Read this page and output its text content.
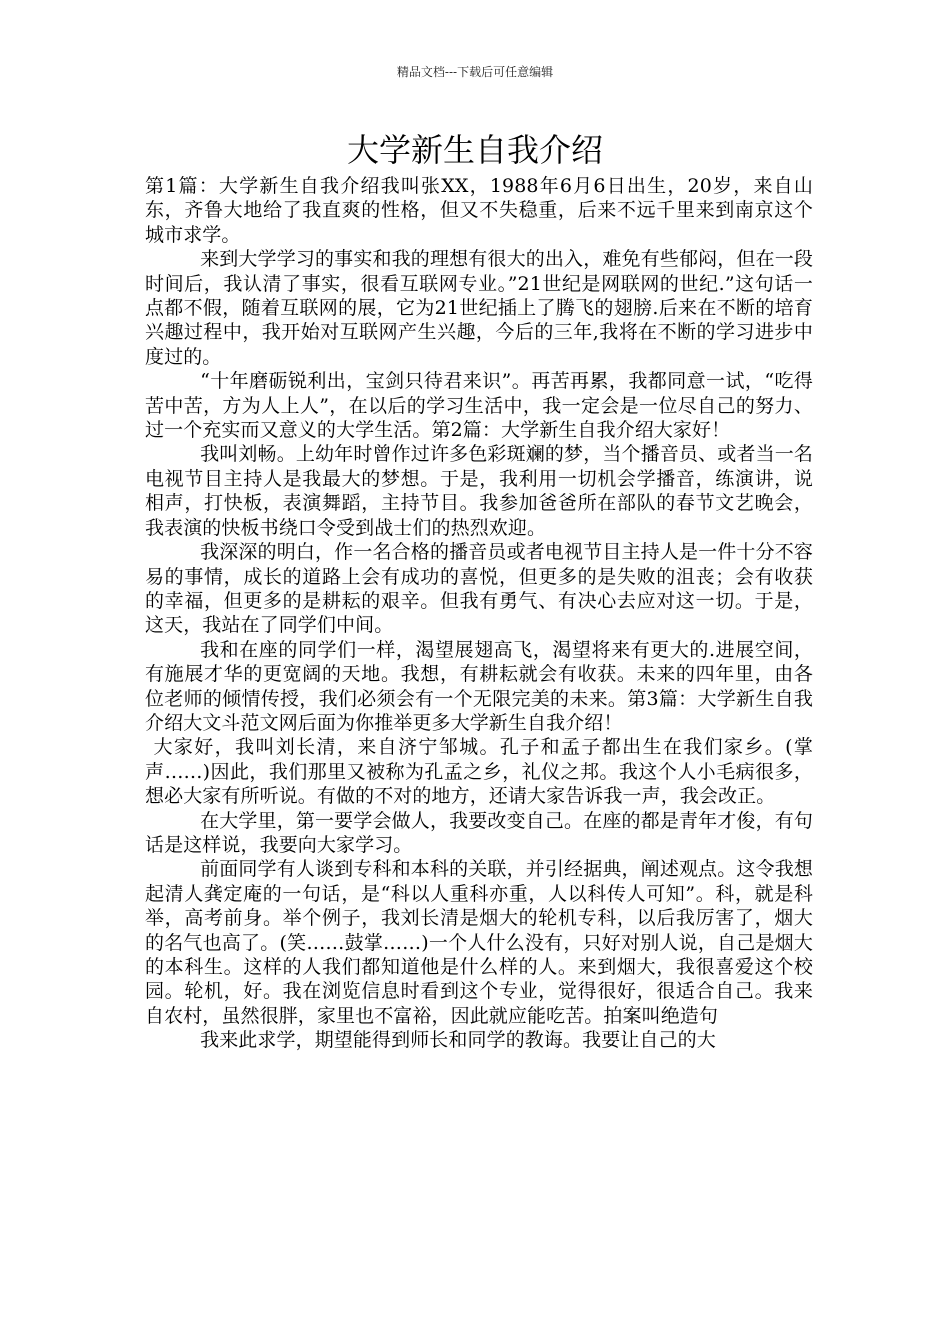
精品文档---下载后可任意编辑
大学新生自我介绍

第1篇：大学新生自我介绍我叫张XX，1988年6月6日出生，20岁，来自山东，齐鲁大地给了我直爽的性格，但又不失稳重，后来不远千里来到南京这个城市求学。

来到大学学习的事实和我的理想有很大的出入，难免有些郁闷，但在一段时间后，我认清了事实，很看互联网专业。”21世纪是网联网的世纪.”这句话一点都不假，随着互联网的展，它为21世纪插上了腾飞的翅膀.后来在不断的培育兴趣过程中，我开始对互联网产生兴趣，今后的三年,我将在不断的学习进步中度过的。

“十年磨砺锐利出，宝剑只待君来识”。再苦再累，我都同意一试，“吃得苦中苦，方为人上人”，在以后的学习生活中，我一定会是一位尽自己的努力、过一个充实而又意义的大学生活。第2篇：大学新生自我介绍大家好！

我叫刘畅。上幼年时曾作过许多色彩斑斓的梦，当个播音员、或者当一名电视节目主持人是我最大的梦想。于是，我利用一切机会学播音，练演讲，说相声，打快板，表演舞蹈，主持节目。我参加爸爸所在部队的春节文艺晚会，我表演的快板书绕口令受到战士们的热烈欢迎。

我深深的明白，作一名合格的播音员或者电视节目主持人是一件十分不容易的事情，成长的道路上会有成功的喜悦，但更多的是失败的沮丧；会有收获的幸福，但更多的是耕耘的艰辛。但我有勇气、有决心去应对这一切。于是，这天，我站在了同学们中间。

我和在座的同学们一样，渴望展翅高飞，渴望将来有更大的.进展空间，有施展才华的更宽阔的天地。我想，有耕耘就会有收获。未来的四年里，由各位老师的倾情传授，我们必须会有一个无限完美的未来。第3篇：大学新生自我介绍大文斗范文网后面为你推举更多大学新生自我介绍！

大家好，我叫刘长清，来自济宁邹城。孔子和孟子都出生在我们家乡。(掌声……)因此，我们那里又被称为孔孟之乡，礼仪之邦。我这个人小毛病很多，想必大家有所听说。有做的不对的地方，还请大家告诉我一声，我会改正。

在大学里，第一要学会做人，我要改变自己。在座的都是青年才俊，有句话是这样说，我要向大家学习。

前面同学有人谈到专科和本科的关联，并引经据典，阐述观点。这令我想起清人龚定庵的一句话，是“科以人重科亦重，人以科传人可知”。科，就是科举，高考前身。举个例子，我刘长清是烟大的轮机专科，以后我厉害了，烟大的名气也高了。(笑……鼓掌……)一个人什么没有，只好对别人说，自己是烟大的本科生。这样的人我们都知道他是什么样的人。来到烟大，我很喜爱这个校园。轮机，好。我在浏览信息时看到这个专业，觉得很好，很适合自己。我来自农村，虽然很胖，家里也不富裕，因此就应能吃苦。拍案叫绝造句

我来此求学，期望能得到师长和同学的教诲。我要让自己的大
